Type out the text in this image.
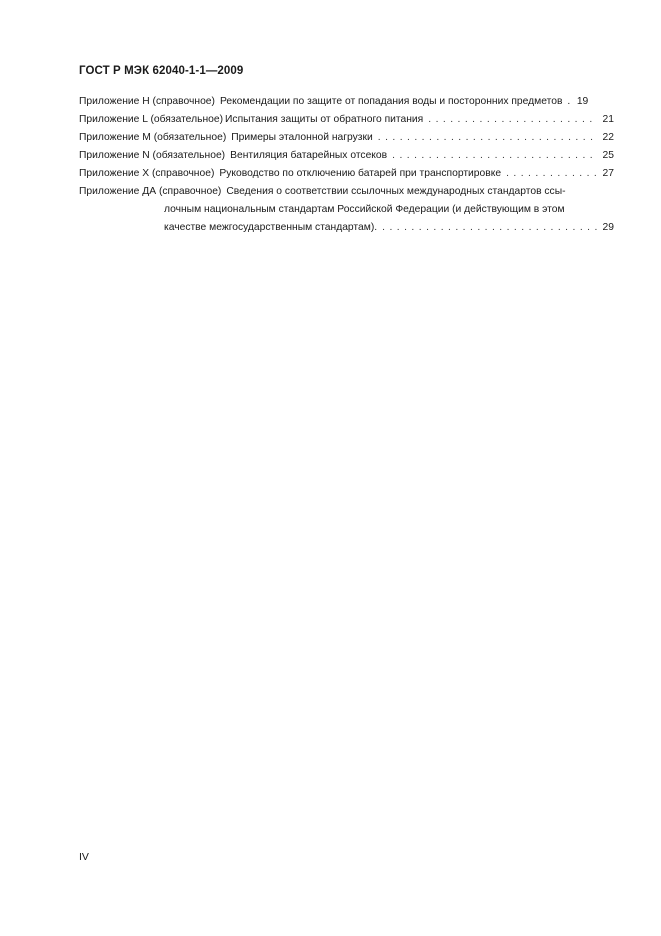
ГОСТ Р МЭК 62040-1-1—2009
Приложение Н (справочное) Рекомендации по защите от попадания воды и посторонних предметов . 19
Приложение L (обязательное) Испытания защиты от обратного питания . . .	21
Приложение М (обязательное) Примеры эталонной нагрузки . . .	22
Приложение N (обязательное) Вентиляция батарейных отсеков . . .	25
Приложение Х (справочное) Руководство по отключению батарей при транспортировке . . .	27
Приложение ДА (справочное) Сведения о соответствии ссылочных международных стандартов ссы-
лочным национальным стандартам Российской Федерации (и действующим в этом
качестве межгосударственным стандартам). . . .	29
IV
